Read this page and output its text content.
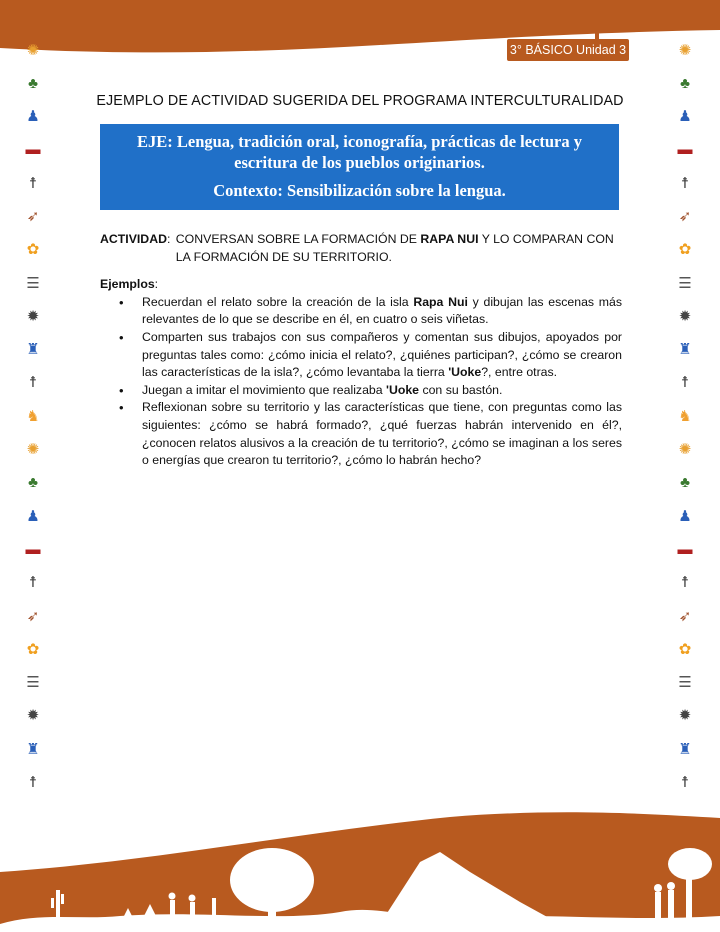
3° BÁSICO Unidad 3
✺
♣
♟
▬
☨
➶
✿
☰
✹
♜
☨
♞
✺
♣
♟
▬
☨
➶
✿
☰
✹
♜
☨
✺
♣
♟
▬
☨
➶
✿
☰
✹
♜
☨
♞
✺
♣
♟
▬
☨
➶
✿
☰
✹
♜
☨
EJEMPLO DE ACTIVIDAD SUGERIDA DEL PROGRAMA INTERCULTURALIDAD
EJE: Lengua, tradición oral, iconografía, prácticas de lectura y
escritura de los pueblos originarios.
Contexto: Sensibilización sobre la lengua.
ACTIVIDAD : CONVERSAN SOBRE LA FORMACIÓN DE RAPA NUI Y LO COMPARAN CON LA FORMACIÓN DE SU TERRITORIO.
Ejemplos:
• Recuerdan el relato sobre la creación de la isla Rapa Nui y dibujan las escenas más relevantes de lo que se describe en él, en cuatro o seis viñetas.
• Comparten sus trabajos con sus compañeros y comentan sus dibujos, apoyados por preguntas tales como: ¿cómo inicia el relato?, ¿quiénes participan?, ¿cómo se crearon las características de la isla?, ¿cómo levantaba la tierra 'Uoke?, entre otras.
• Juegan a imitar el movimiento que realizaba 'Uoke con su bastón.
• Reflexionan sobre su territorio y las características que tiene, con preguntas como las siguientes: ¿cómo se habrá formado?, ¿qué fuerzas habrán intervenido en él?, ¿conocen relatos alusivos a la creación de tu territorio?, ¿cómo se imaginan a los seres o energías que crearon tu territorio?, ¿cómo lo habrán hecho?
